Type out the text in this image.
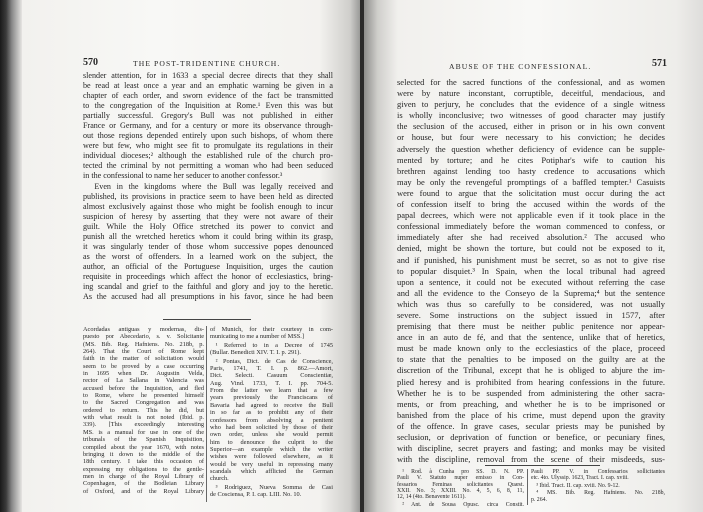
570	THE POST-TRIDENTINE CHURCH.
slender attention, for in 1633 a special decree directs that they shall
be read at least once a year and an emphatic warning be given in a
chapter of each order, and sworn evidence of the fact be transmitted
to the congregation of the Inquisition at Rome.¹ Even this was but
partially successful. Gregory's Bull was not published in either
France or Germany, and for a century or more its observance through-
out those regions depended entirely upon such bishops, of whom there
were but few, who might see fit to promulgate its regulations in their
individual dioceses;² although the established rule of the church pro-
tected the criminal by not permitting a woman who had been seduced
in the confessional to name her seducer to another confessor.³
Even in the kingdoms where the Bull was legally received and
published, its provisions in practice seem to have been held as directed
almost exclusively against those who might be foolish enough to incur
suspicion of heresy by asserting that they were not aware of their
guilt. While the Holy Office stretched its power to convict and
punish all the wretched heretics whom it could bring within its grasp,
it was singularly tender of those whom successive popes denounced
as the worst of offenders. In a learned work on the subject, the
author, an official of the Portuguese Inquisition, urges the caution
requisite in proceedings which affect the honor of ecclesiastics, bring-
ing scandal and grief to the faithful and glory and joy to the heretic.
As the accused had all presumptions in his favor, since he had been
Acordadas antiguas y modernas, dis-
puesto por Abecedario, s. v. Solicitante
(MS. Bib. Reg. Hafniens. No. 218b, p.
264). That the Court of Rome kept
faith in the matter of solicitation would
seem to be proved by a case occurring
in 1695 when Dr. Augustin Velda,
rector of La Sallana in Valencia was
accused before the Inquisition, and fled
to Rome, where he presented himself
to the Sacred Congregation and was
ordered to return. This he did, but
with what result is not noted (Ibid. p.
339). [This exceedingly interesting
MS. is a manual for use in one of the
tribunals of the Spanish Inquisition,
compiled about the year 1670, with notes
bringing it down to the middle of the
18th century. I take this occasion of
expressing my obligations to the gentle-
men in charge of the Royal Library of
Copenhagen, of the Bodleian Library
of Oxford, and of the Royal Library
of Munich, for their courtesy in com-
municating to me a number of MSS.]
¹ Referred to in a Decree of 1745
(Bullar. Benedicti XIV. T. I. p. 291).
² Pontas, Dict. de Cas de Conscience,
Paris, 1741, T. I. p. 862.—Amort,
Dict. Selecti. Casuum Conscientiæ,
Aug. Vind. 1733, T. I. pp. 704-5.
From the latter we learn that a few
years previously the Franciscans of
Bavaria had agreed to receive the Bull
in so far as to prohibit any of their
confessors from absolving a penitent
who had been solicited by those of their
own order, unless she would permit
him to denounce the culprit to the
Superior—an example which the writer
wishes were followed elsewhere, as it
would be very useful in repressing many
scandals which afflicted the German
church.
³ Rodriguez, Nueva Somma de Casi
de Cosciensa, P. I. cap. LIII. No. 10.
ABUSE OF THE CONFESSIONAL.	571
selected for the sacred functions of the confessional, and as women
were by nature inconstant, corruptible, deceitful, mendacious, and
given to perjury, he concludes that the evidence of a single witness
is wholly inconclusive; two witnesses of good character may justify
the seclusion of the accused, either in prison or in his own convent
or house, but four were necessary to his conviction; he decides
adversely the question whether deficiency of evidence can be supple-
mented by torture; and he cites Potiphar's wife to caution his
brethren against lending too hasty credence to accusations which
may be only the revengeful promptings of a baffled tempter.¹ Casuists
were found to argue that the solicitation must occur during the act
of confession itself to bring the accused within the words of the
papal decrees, which were not applicable even if it took place in the
confessional immediately before the woman commenced to confess, or
immediately after she had received absolution.² The accused who
denied, might be shown the torture, but could not be exposed to it,
and if punished, his punishment must be secret, so as not to give rise
to popular disquiet.³ In Spain, when the local tribunal had agreed
upon a sentence, it could not be executed without referring the case
and all the evidence to the Conseyo de la Suprema;⁴ but the sentence
which was thus so carefully to be considered, was not usually
severe. Some instructions on the subject issued in 1577, after
premising that there must be neither public penitence nor appear-
ance in an auto de fé, and that the sentence, unlike that of heretics,
must be made known only to the ecclesiastics of the place, proceed
to state that the penalties to be imposed on the guilty are at the
discretion of the Tribunal, except that he is obliged to abjure the im-
plied heresy and is prohibited from hearing confessions in the future.
Whether he is to be suspended from administering the other sacra-
ments, or from preaching, and whether he is to be imprisoned or
banished from the place of his crime, must depend upon the gravity
of the offence. In grave cases, secular priests may be punished by
seclusion, or deprivation of function or benefice, or pecuniary fines,
with discipline, secret prayers and fasting; and monks may be visited
with the discipline, removal from the scene of their misdeeds, sus-
¹ Rod. à Cunha pro SS. D. N. PP.
Pauli V. Statuto nuper emisso in Con-
fessarios Feminas solicitantes Quæst.
XXII. No. 3; XXIII. No. 4, 5, 6, 8, 11,
12, 14 (4to. Benavente 1611).
² Ant. de Sousa Opusc. circa Constit.
Pauli PP. V. in Confessarios sollicitantes
etc. 4to. Ulyssip. 1623, Tract. I. cap. xviii.
³ Ibid. Tract. II. cap. xviii. No. 9-12.
⁴ MS. Bib. Reg. Hafniens. No. 218b,
p. 264.
